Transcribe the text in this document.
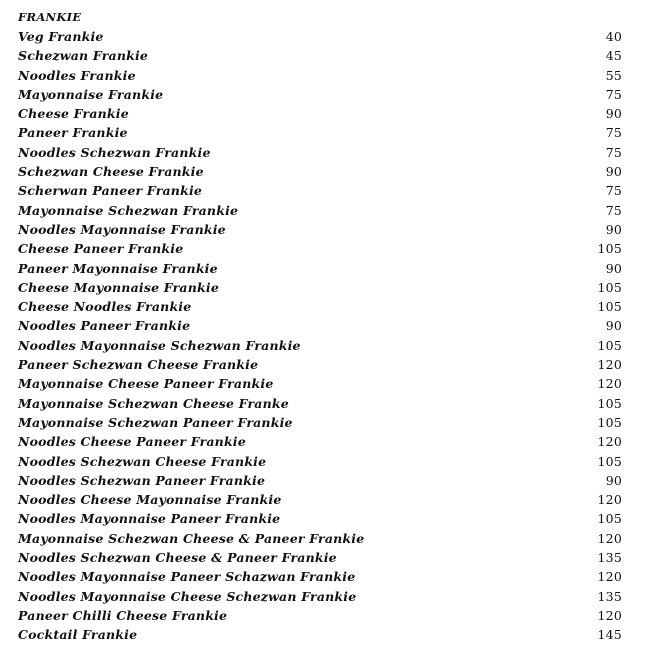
FRANKIE
Veg Frankie	40
Schezwan Frankie	45
Noodles Frankie	55
Mayonnaise Frankie	75
Cheese Frankie	90
Paneer Frankie	75
Noodles Schezwan Frankie	75
Schezwan Cheese Frankie	90
Scherwan Paneer Frankie	75
Mayonnaise Schezwan Frankie	75
Noodles Mayonnaise Frankie	90
Cheese Paneer Frankie	105
Paneer Mayonnaise Frankie	90
Cheese Mayonnaise Frankie	105
Cheese Noodles Frankie	105
Noodles Paneer Frankie	90
Noodles Mayonnaise Schezwan Frankie	105
Paneer Schezwan Cheese Frankie	120
Mayonnaise Cheese Paneer Frankie	120
Mayonnaise Schezwan Cheese Franke	105
Mayonnaise Schezwan Paneer Frankie	105
Noodles Cheese Paneer Frankie	120
Noodles Schezwan Cheese Frankie	105
Noodles Schezwan Paneer Frankie	90
Noodles Cheese Mayonnaise Frankie	120
Noodles Mayonnaise Paneer Frankie	105
Mayonnaise Schezwan Cheese & Paneer Frankie	120
Noodles Schezwan Cheese & Paneer Frankie	135
Noodles Mayonnaise Paneer Schazwan Frankie	120
Noodles Mayonnaise Cheese Schezwan Frankie	135
Paneer Chilli Cheese Frankie	120
Cocktail Frankie	145
